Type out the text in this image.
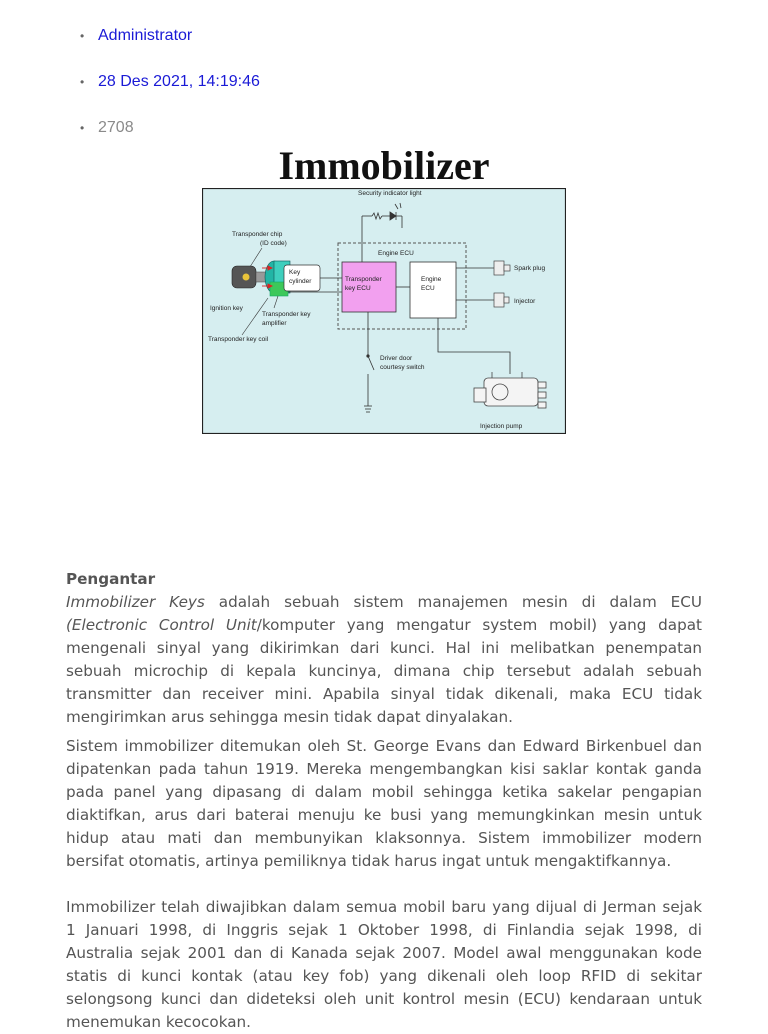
• Administrator
• 28 Des 2021, 14:19:46
• 2708
Immobilizer
Security indicator light
Engine ECU
Transponder
key ECU
Engine
ECU
Spark plug
Injector
Driver door
courtesy switch
Injection pump
Transponder chip
(ID code)
Key
cylinder
Ignition key
Transponder key
amplifier
Transponder key coil

Pengantar

Immobilizer Keys adalah sebuah sistem manajemen mesin di dalam ECU (Electronic Control Unit/komputer yang mengatur system mobil) yang dapat mengenali sinyal yang dikirimkan dari kunci. Hal ini melibatkan penempatan sebuah microchip di kepala kuncinya, dimana chip tersebut adalah sebuah transmitter dan receiver mini. Apabila sinyal tidak dikenali, maka ECU tidak mengirimkan arus sehingga mesin tidak dapat dinyalakan.

Sistem immobilizer ditemukan oleh St. George Evans dan Edward Birkenbuel dan dipatenkan pada tahun 1919. Mereka mengembangkan kisi saklar kontak ganda pada panel yang dipasang di dalam mobil sehingga ketika sakelar pengapian diaktifkan, arus dari baterai menuju ke busi yang memungkinkan mesin untuk hidup atau mati dan membunyikan klaksonnya. Sistem immobilizer modern bersifat otomatis, artinya pemiliknya tidak harus ingat untuk mengaktifkannya.

Immobilizer telah diwajibkan dalam semua mobil baru yang dijual di Jerman sejak 1 Januari 1998, di Inggris sejak 1 Oktober 1998, di Finlandia sejak 1998, di Australia sejak 2001 dan di Kanada sejak 2007. Model awal menggunakan kode statis di kunci kontak (atau key fob) yang dikenali oleh loop RFID di sekitar selongsong kunci dan dideteksi oleh unit kontrol mesin (ECU) kendaraan untuk menemukan kecocokan.
